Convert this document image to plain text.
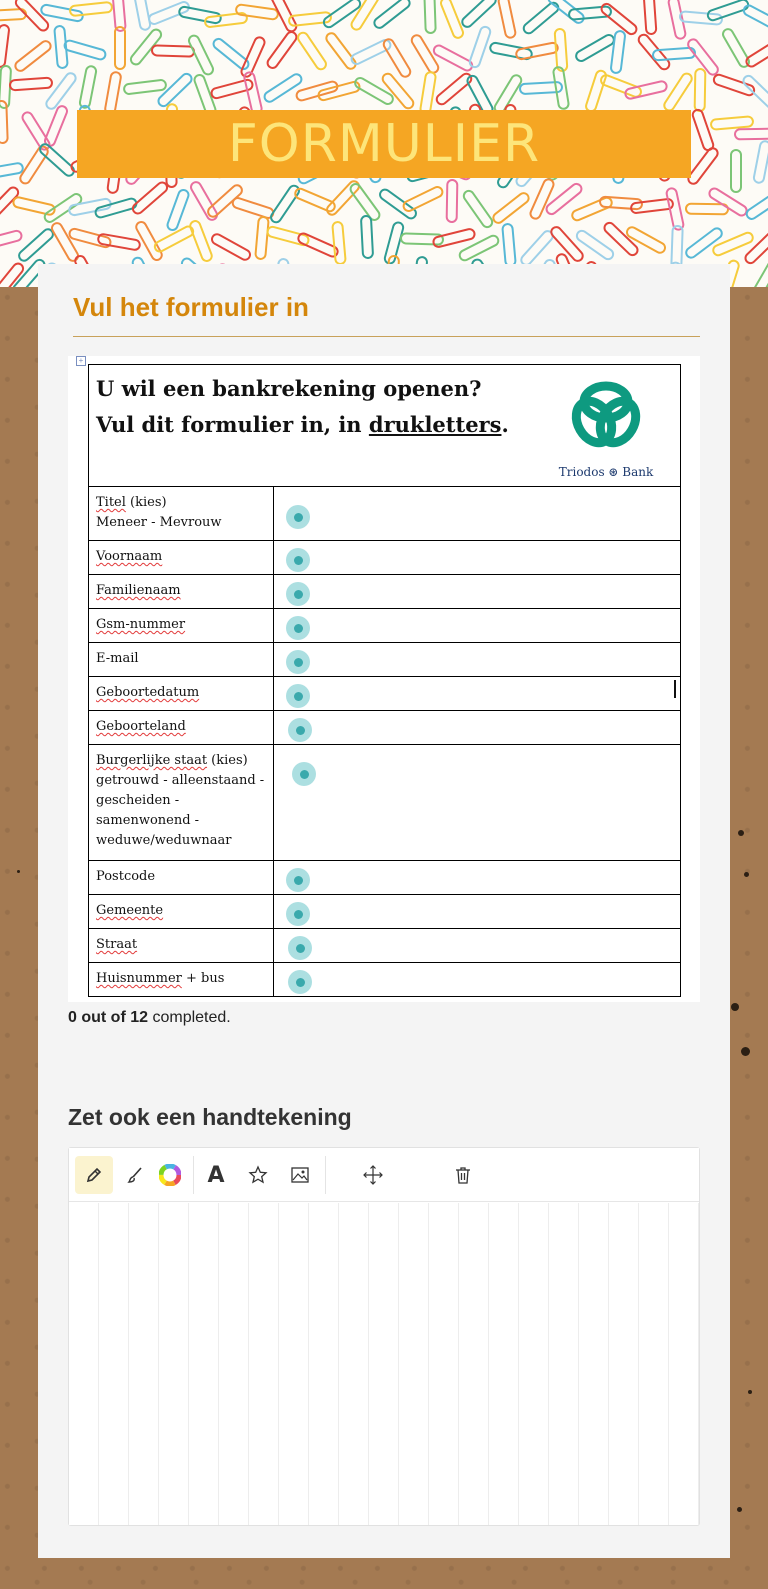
FORMULIER
Vul het formulier in
+
U wil een bankrekening openen?
Vul dit formulier in, in drukletters.
Triodos ⊛ Bank	

Titel (kies)
Meneer - Mevrouw	

Voornaam	

Familienaam	

Gsm-nummer	

E-mail	

Geboortedatum	

Geboorteland	

Burgerlijke staat (kies)
getrouwd - alleenstaand - gescheiden - samenwonend - weduwe/weduwnaar	

Postcode	

Gemeente	

Straat	

Huisnummer + bus	
0 out of 12 completed.
Zet ook een handtekening
A
